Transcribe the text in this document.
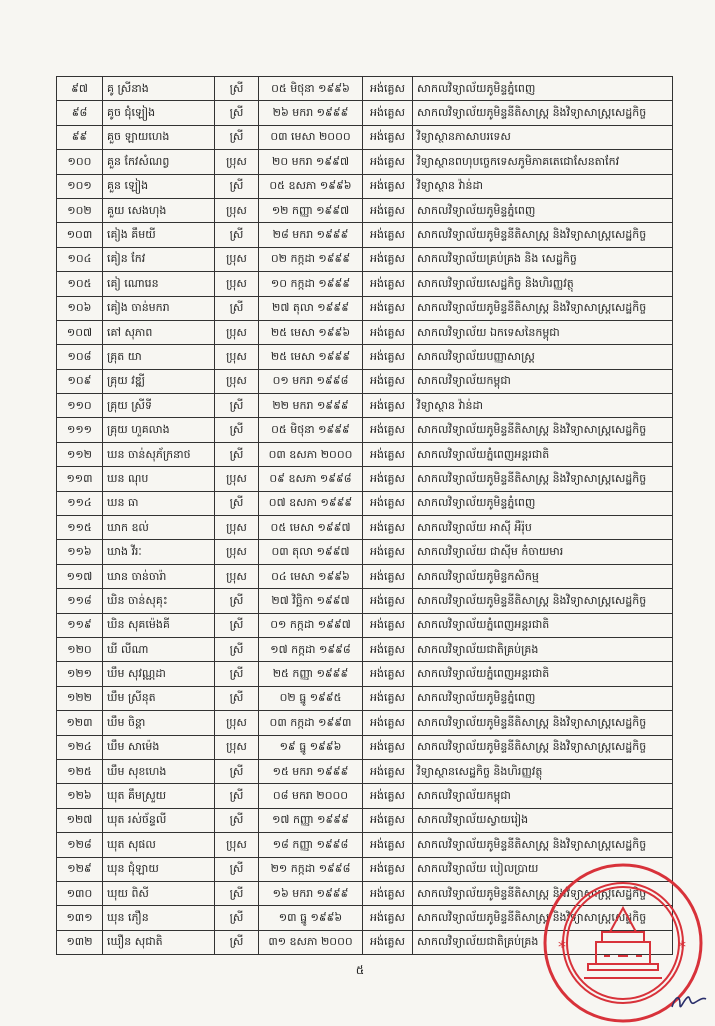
៩៧	គូ ស្រីនាង	ស្រី	០៥ មិថុនា ១៩៩៦	អង់គ្លេស	សាកលវិទ្យាល័យភូមិន្ទភ្នំពេញ
៩៨	គូច ជុំឡៀង	ស្រី	២៦ មករា ១៩៩៩	អង់គ្លេស	សាកលវិទ្យាល័យភូមិន្ទនីតិសាស្ត្រ និងវិទ្យាសាស្ត្រសេដ្ឋកិច្ច
៩៩	គួច ឡាយហេង	ស្រី	០៣ មេសា ២០០០	អង់គ្លេស	វិទ្យាស្ថានភាសាបរទេស
១០០	គួន កែវសំណព្វ	ប្រុស	២០ មករា ១៩៩៧	អង់គ្លេស	វិទ្យាស្ថានពហុបច្ចេកទេសភូមិភាគតេជោសែនតាកែវ
១០១	គួន ឡៀង	ស្រី	០៥ ឧសភា ១៩៩៦	អង់គ្លេស	វិទ្យាស្ថាន វ៉ាន់ដា
១០២	គួយ សេងហុង	ប្រុស	១២ កញ្ញា ១៩៩៧	អង់គ្លេស	សាកលវិទ្យាល័យភូមិន្ទភ្នំពេញ
១០៣	គៀង គឹមយី	ស្រី	២៨ មករា ១៩៩៩	អង់គ្លេស	សាកលវិទ្យាល័យភូមិន្ទនីតិសាស្ត្រ និងវិទ្យាសាស្ត្រសេដ្ឋកិច្ច
១០៤	គៀន កែវ	ប្រុស	០២ កក្កដា ១៩៩៩	អង់គ្លេស	សាកលវិទ្យាល័យគ្រប់គ្រង និង សេដ្ឋកិច្ច
១០៥	គៀ ណេារេន	ប្រុស	១០ កក្កដា ១៩៩៩	អង់គ្លេស	សាកលវិទ្យាល័យសេដ្ឋកិច្ច និងហិរញ្ញវត្ថុ
១០៦	គៀង ចាន់មករា	ស្រី	២៧ តុលា ១៩៩៩	អង់គ្លេស	សាកលវិទ្យាល័យភូមិន្ទនីតិសាស្ត្រ និងវិទ្យាសាស្ត្រសេដ្ឋកិច្ច
១០៧	គៅ សុភាព	ប្រុស	២៥ មេសា ១៩៩៦	អង់គ្លេស	សាកលវិទ្យាល័យ ឯកទេសនៃកម្ពុជា
១០៨	គ្រុត យា	ប្រុស	២៥ មេសា ១៩៩៩	អង់គ្លេស	សាកលវិទ្យាល័យបញ្ញាសាស្ត្រ
១០៩	គ្រុយ វឌ្ឍី	ប្រុស	០១ មករា ១៩៩៨	អង់គ្លេស	សាកលវិទ្យាល័យកម្ពុជា
១១០	គ្រុយ ស្រីទី	ស្រី	២២ មករា ១៩៩៩	អង់គ្លេស	វិទ្យាស្ថាន វ៉ាន់ដា
១១១	គ្រុយ ហួគលាង	ស្រី	០៥ មិថុនា ១៩៩៩	អង់គ្លេស	សាកលវិទ្យាល័យភូមិន្ទនីតិសាស្ត្រ និងវិទ្យាសាស្ត្រសេដ្ឋកិច្ច
១១២	ឃន ចាន់សុភ័ក្រនាថ	ស្រី	០៣ ឧសភា ២០០០	អង់គ្លេស	សាកលវិទ្យាល័យភ្នំពេញអន្តរជាតិ
១១៣	ឃន ណុប	ប្រុស	០៩ ឧសភា ១៩៩៨	អង់គ្លេស	សាកលវិទ្យាល័យភូមិន្ទនីតិសាស្ត្រ និងវិទ្យាសាស្ត្រសេដ្ឋកិច្ច
១១៤	ឃន ធា	ស្រី	០៧ ឧសភា ១៩៩៩	អង់គ្លេស	សាកលវិទ្យាល័យភូមិន្ទភ្នំពេញ
១១៥	ឃាក ឧល់	ប្រុស	០៥ មេសា ១៩៩៧	អង់គ្លេស	សាកលវិទ្យាល័យ អាស៊ី អឺរ៉ុប
១១៦	ឃាង វីរៈ	ប្រុស	០៣ តុលា ១៩៩៧	អង់គ្លេស	សាកលវិទ្យាល័យ ជាស៊ីម កំចាយមារ
១១៧	ឃាន ចាន់ចារ៉ា	ប្រុស	០៤ មេសា ១៩៩៦	អង់គ្លេស	សាកលវិទ្យាល័យភូមិន្ទកសិកម្ម
១១៨	ឃិន ចាន់សុគុះ	ស្រី	២៧ វិច្ឆិកា ១៩៩៧	អង់គ្លេស	សាកលវិទ្យាល័យភូមិន្ទនីតិសាស្ត្រ និងវិទ្យាសាស្ត្រសេដ្ឋកិច្ច
១១៩	ឃិន សុគម៉េងគី	ស្រី	០១ កក្កដា ១៩៩៧	អង់គ្លេស	សាកលវិទ្យាល័យភ្នំពេញអន្តរជាតិ
១២០	ឃី លីណា	ស្រី	១៧ កក្កដា ១៩៩៨	អង់គ្លេស	សាកលវិទ្យាល័យជាតិគ្រប់គ្រង
១២១	ឃឹម សុវណ្ណដា	ស្រី	២៥ កញ្ញា ១៩៩៩	អង់គ្លេស	សាកលវិទ្យាល័យភ្នំពេញអន្តរជាតិ
១២២	ឃឹម ស្រីនុត	ស្រី	០២ ធ្នូ ១៩៩៥	អង់គ្លេស	សាកលវិទ្យាល័យភូមិន្ទភ្នំពេញ
១២៣	ឃឹម ចិន្តា	ប្រុស	០៣ កក្កដា ១៩៩៣	អង់គ្លេស	សាកលវិទ្យាល័យភូមិន្ទនីតិសាស្ត្រ និងវិទ្យាសាស្ត្រសេដ្ឋកិច្ច
១២៤	ឃឹម សាម៉េង	ប្រុស	១៩ ធ្នូ ១៩៩៦	អង់គ្លេស	សាកលវិទ្យាល័យភូមិន្ទនីតិសាស្ត្រ និងវិទ្យាសាស្ត្រសេដ្ឋកិច្ច
១២៥	ឃឹម សុខហេង	ស្រី	១៥ មករា ១៩៩៩	អង់គ្លេស	វិទ្យាស្ថានសេដ្ឋកិច្ច និងហិរញ្ញវត្ថុ
១២៦	ឃុត គឹមស្រួយ	ស្រី	០៨ មករា ២០០០	អង់គ្លេស	សាកលវិទ្យាល័យកម្ពុជា
១២៧	ឃុត រស់ច័ន្ទលី	ស្រី	១៧ កញ្ញា ១៩៩៩	អង់គ្លេស	សាកលវិទ្យាល័យស្វាយរៀង
១២៨	ឃុត សុផល	ប្រុស	១៨ កញ្ញា ១៩៩៨	អង់គ្លេស	សាកលវិទ្យាល័យភូមិន្ទនីតិសាស្ត្រ និងវិទ្យាសាស្ត្រសេដ្ឋកិច្ច
១២៩	ឃុន ជុំឡាយ	ស្រី	២១ កក្កដា ១៩៩៨	អង់គ្លេស	សាកលវិទ្យាល័យ បៀលប្រាយ
១៣០	ឃុយ ពិសី	ស្រី	១៦ មករា ១៩៩៩	អង់គ្លេស	សាកលវិទ្យាល័យភូមិន្ទនីតិសាស្ត្រ និងវិទ្យាសាស្ត្រសេដ្ឋកិច្ច
១៣១	ឃុន ភឿន	ស្រី	១៣ ធ្នូ ១៩៩៦	អង់គ្លេស	សាកលវិទ្យាល័យភូមិន្ទនីតិសាស្ត្រ និងវិទ្យាសាស្ត្រសេដ្ឋកិច្ច
១៣២	ឃឿន សុជាតិ	ស្រី	៣១ ឧសភា ២០០០	អង់គ្លេស	សាកលវិទ្យាល័យជាតិគ្រប់គ្រង
៥
*	*
